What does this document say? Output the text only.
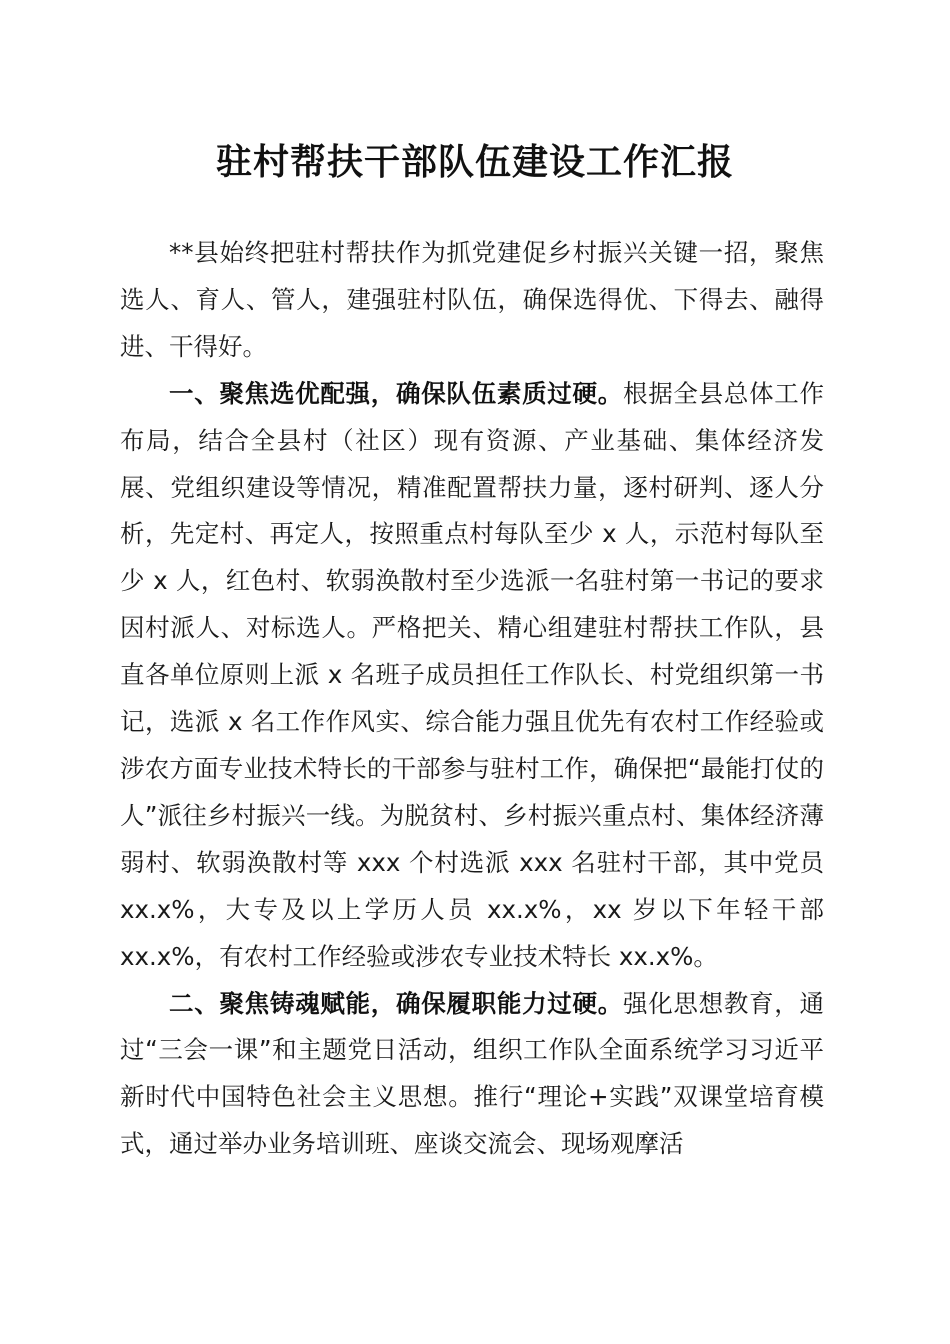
驻村帮扶干部队伍建设工作汇报

**县始终把驻村帮扶作为抓党建促乡村振兴关键一招，聚焦选人、育人、管人，建强驻村队伍，确保选得优、下得去、融得进、干得好。

一、聚焦选优配强，确保队伍素质过硬。根据全县总体工作布局，结合全县村（社区）现有资源、产业基础、集体经济发展、党组织建设等情况，精准配置帮扶力量，逐村研判、逐人分析，先定村、再定人，按照重点村每队至少 x 人，示范村每队至少 x 人，红色村、软弱涣散村至少选派一名驻村第一书记的要求因村派人、对标选人。严格把关、精心组建驻村帮扶工作队，县直各单位原则上派 x 名班子成员担任工作队长、村党组织第一书记，选派 x 名工作作风实、综合能力强且优先有农村工作经验或涉农方面专业技术特长的干部参与驻村工作，确保把“最能打仗的人”派往乡村振兴一线。为脱贫村、乡村振兴重点村、集体经济薄弱村、软弱涣散村等 xxx 个村选派 xxx 名驻村干部，其中党员 xx.x%，大专及以上学历人员 xx.x%，xx 岁以下年轻干部 xx.x%，有农村工作经验或涉农专业技术特长 xx.x%。

二、聚焦铸魂赋能，确保履职能力过硬。强化思想教育，通过“三会一课”和主题党日活动，组织工作队全面系统学习习近平新时代中国特色社会主义思想。推行“理论+实践”双课堂培育模式，通过举办业务培训班、座谈交流会、现场观摩活
